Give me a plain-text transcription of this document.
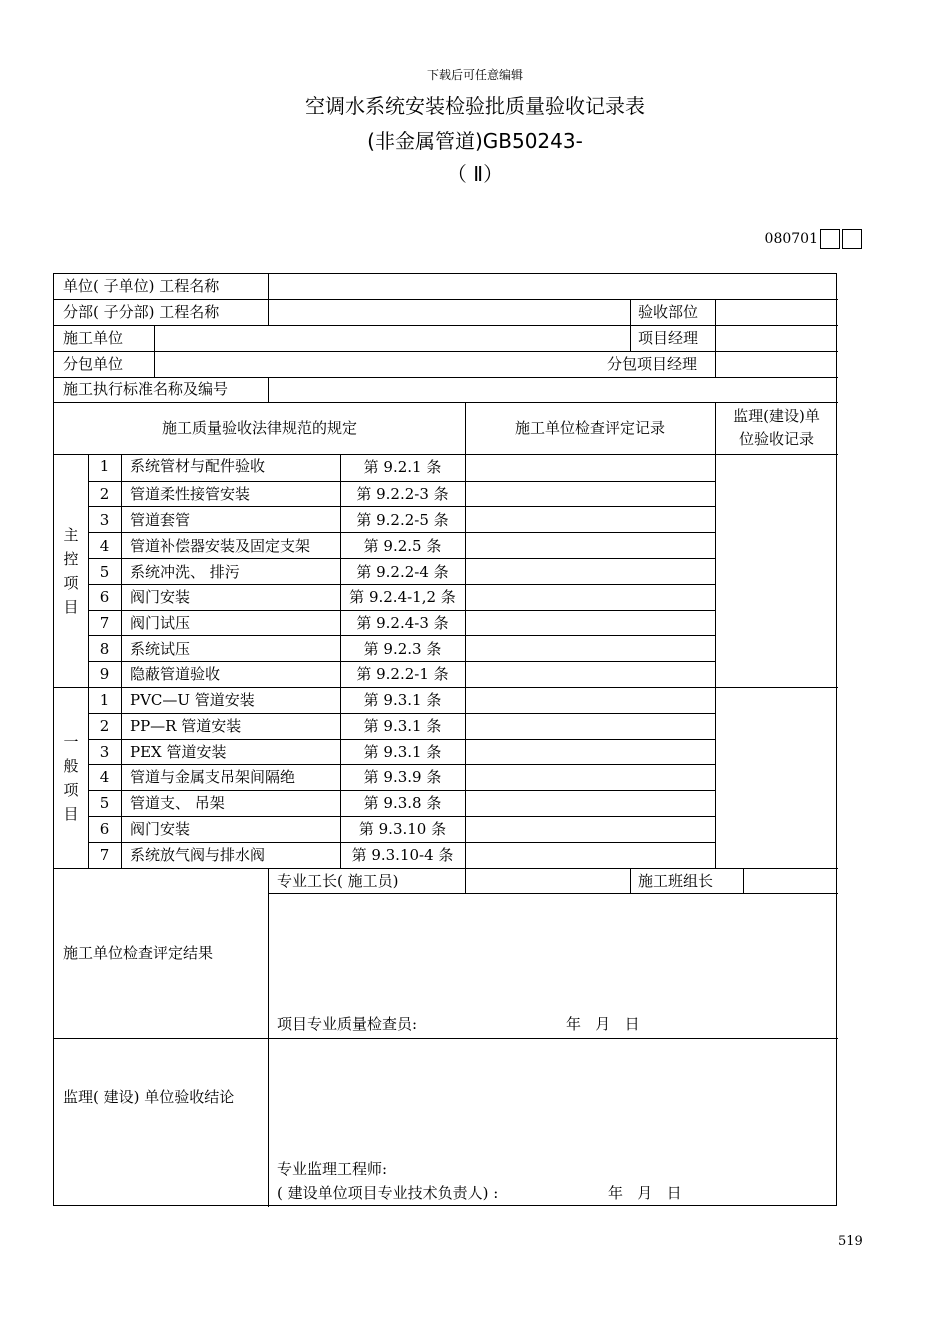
下载后可任意编辑
空调水系统安装检验批质量验收记录表
(非金属管道)GB50243-
（ Ⅱ）
080701
单位( 子单位) 工程名称
分部( 子分部) 工程名称	验收部位
施工单位	项目经理
分包单位	分包项目经理
施工执行标准名称及编号
施工质量验收法律规范的规定	施工单位检查评定记录
监理(建设)单
位验收记录
主
控
项
目
1	系统管材与配件验收	第 9.2.1 条
2	管道柔性接管安装	第 9.2.2-3 条
3	管道套管	第 9.2.2-5 条
4	管道补偿器安装及固定支架	第 9.2.5 条
5	系统冲洗、 排污	第 9.2.2-4 条
6	阀门安装	第 9.2.4-1,2 条
7	阀门试压	第 9.2.4-3 条
8	系统试压	第 9.2.3 条
9	隐蔽管道验收	第 9.2.2-1 条
一
般
项
目
1	PVC—U 管道安装	第 9.3.1 条
2	PP—R 管道安装	第 9.3.1 条
3	PEX 管道安装	第 9.3.1 条
4	管道与金属支吊架间隔绝	第 9.3.9 条
5	管道支、 吊架	第 9.3.8 条
6	阀门安装	第 9.3.10 条
7	系统放气阀与排水阀	第 9.3.10-4 条
专业工长( 施工员)	施工班组长
施工单位检查评定结果
项目专业质量检查员:	年   月   日
监理( 建设) 单位验收结论
专业监理工程师:
( 建设单位项目专业技术负责人) :	年   月   日
519
